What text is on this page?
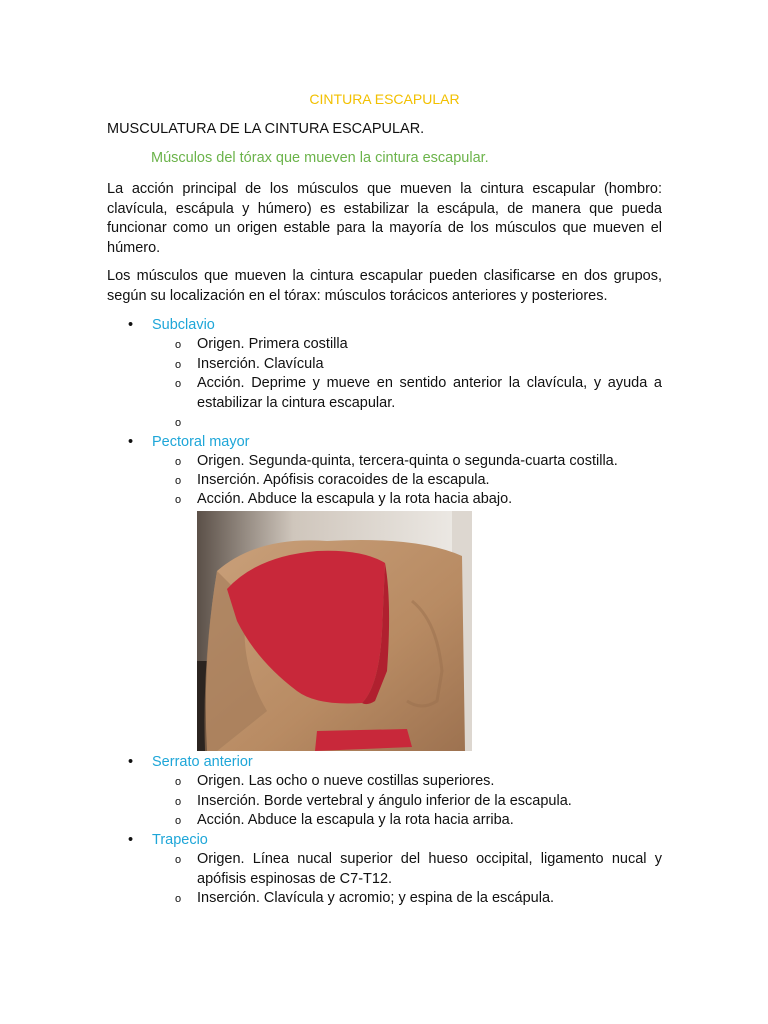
CINTURA ESCAPULAR
MUSCULATURA DE LA CINTURA ESCAPULAR.
Músculos del tórax que mueven la cintura escapular.
La acción principal de los músculos que mueven la cintura escapular (hombro: clavícula, escápula y húmero) es estabilizar la escápula, de manera que pueda funcionar como un origen estable para la mayoría de los músculos que mueven el húmero.
Los músculos que mueven la cintura escapular pueden clasificarse en dos grupos, según su localización en el tórax: músculos torácicos anteriores y posteriores.
• Subclavio
o Origen. Primera costilla
o Inserción. Clavícula
o Acción. Deprime y mueve en sentido anterior la clavícula, y ayuda a estabilizar la cintura escapular.
o
• Pectoral mayor
o Origen. Segunda-quinta, tercera-quinta o segunda-cuarta costilla.
o Inserción. Apófisis coracoides de la escapula.
o Acción. Abduce la escapula y la rota hacia abajo.
• Serrato anterior
o Origen. Las ocho o nueve costillas superiores.
o Inserción. Borde vertebral y ángulo inferior de la escapula.
o Acción. Abduce la escapula y la rota hacia arriba.
• Trapecio
o Origen. Línea nucal superior del hueso occipital, ligamento nucal y apófisis espinosas de C7-T12.
o Inserción. Clavícula y acromio; y espina de la escápula.
